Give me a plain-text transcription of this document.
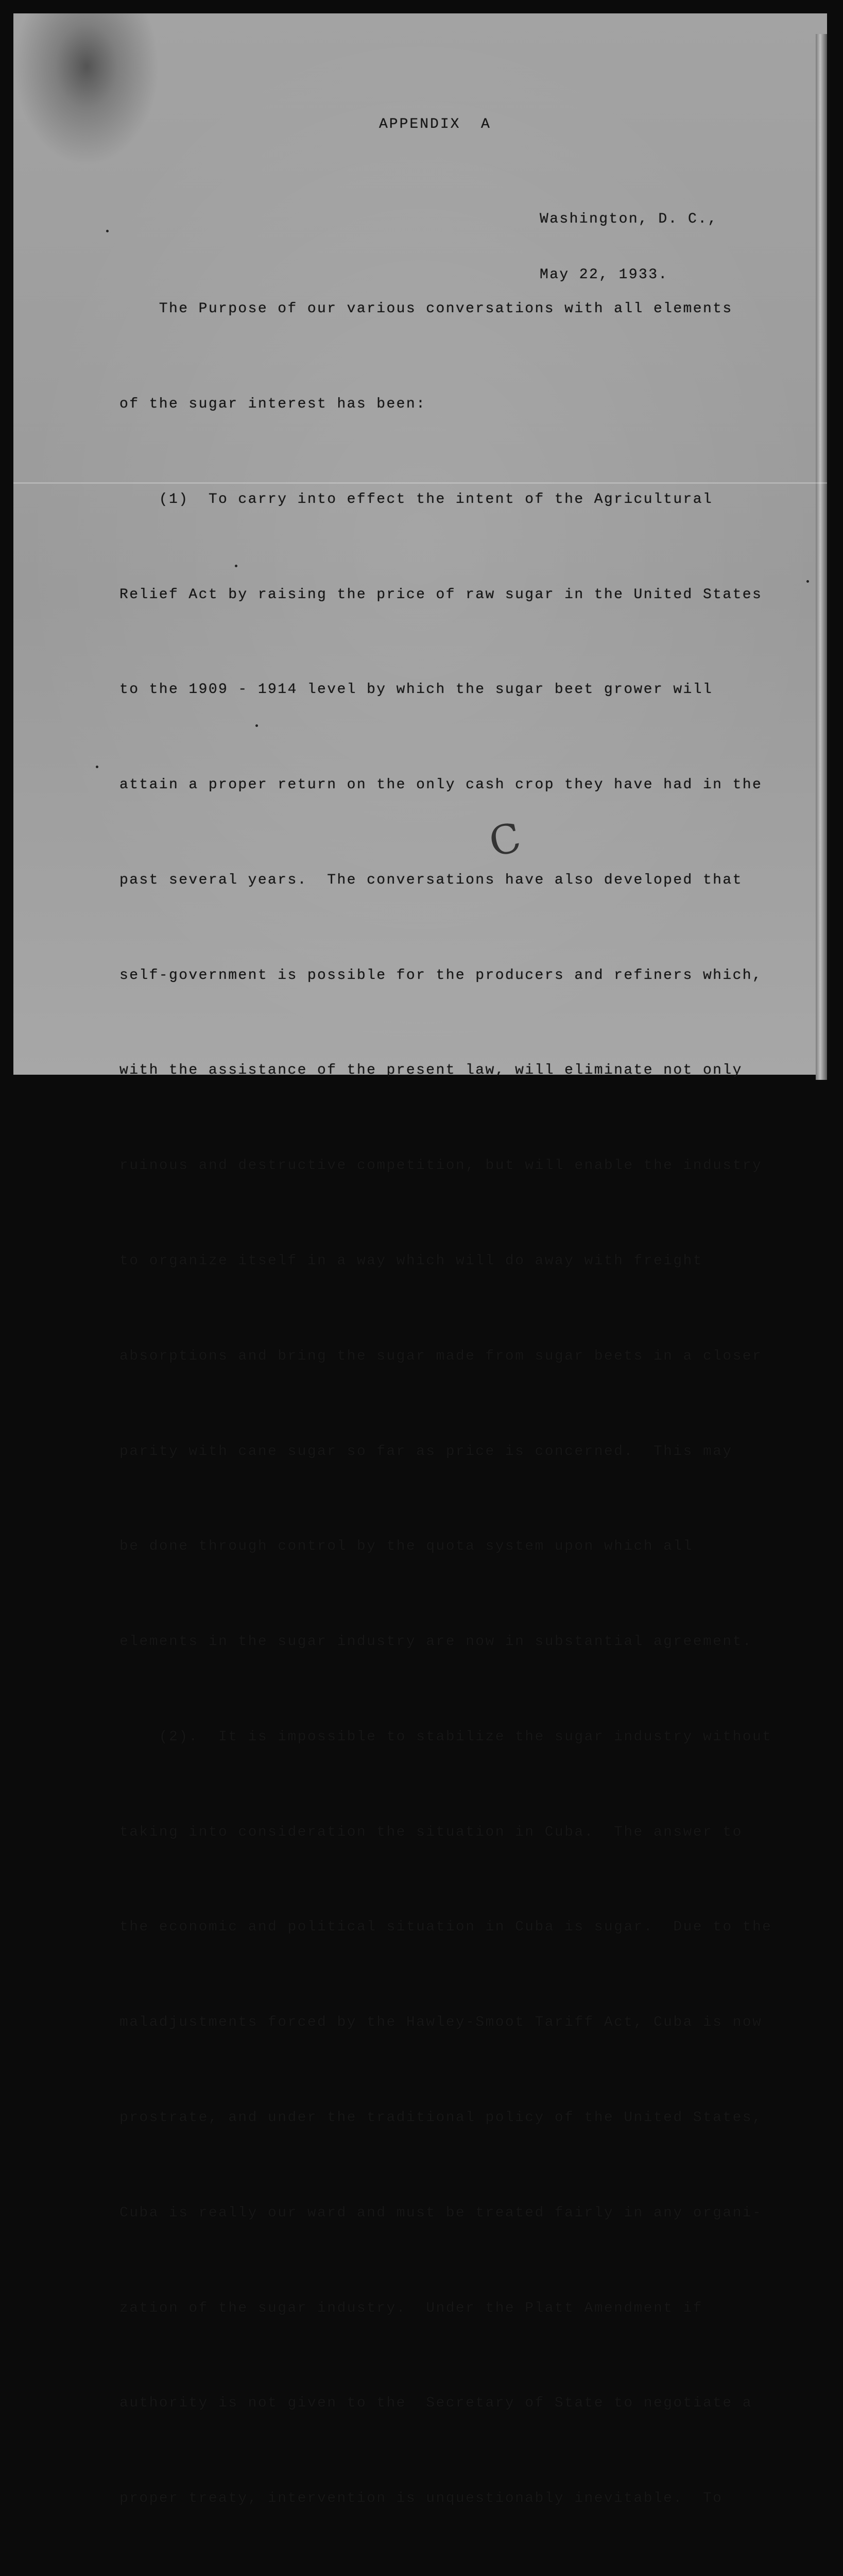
APPENDIX  A

Washington, D. C.,

May 22, 1933.

The Purpose of our various conversations with all elements

of the sugar interest has been:

(1)  To carry into effect the intent of the Agricultural

Relief Act by raising the price of raw sugar in the United States

to the 1909 - 1914 level by which the sugar beet grower will

attain a proper return on the only cash crop they have had in the

past several years.  The conversations have also developed that

self-government is possible for the producers and refiners which,

with the assistance of the present law, will eliminate not only

ruinous and destructive competition, but will enable the industry

to organize itself in a way which will do away with freight

absorptions and bring the sugar made from sugar beets in a closer

parity with cane sugar so far as price is concerned.  This may

be done through control by the quota system upon which all

elements in the sugar industry are now in substantial agreement.

(2).  It is impossible to stabilize the sugar industry without

taking into consideration the situation in Cuba.  The answer to

the economic and political situation in Cuba is sugar.  Due to the

maladjustments forced by the Hawley-Smoot Tariff Act, Cuba is now

prostrate, and under the traditional policy of the United States,

Cuba is really our ward and must be treated fairly in any organi-

zation of the sugar industry.  Under the Platt Amendment if

authority is not given to the  Secretary of State to negotiate a

proper treaty, intervention is unquestionably inevitable.  To

C
